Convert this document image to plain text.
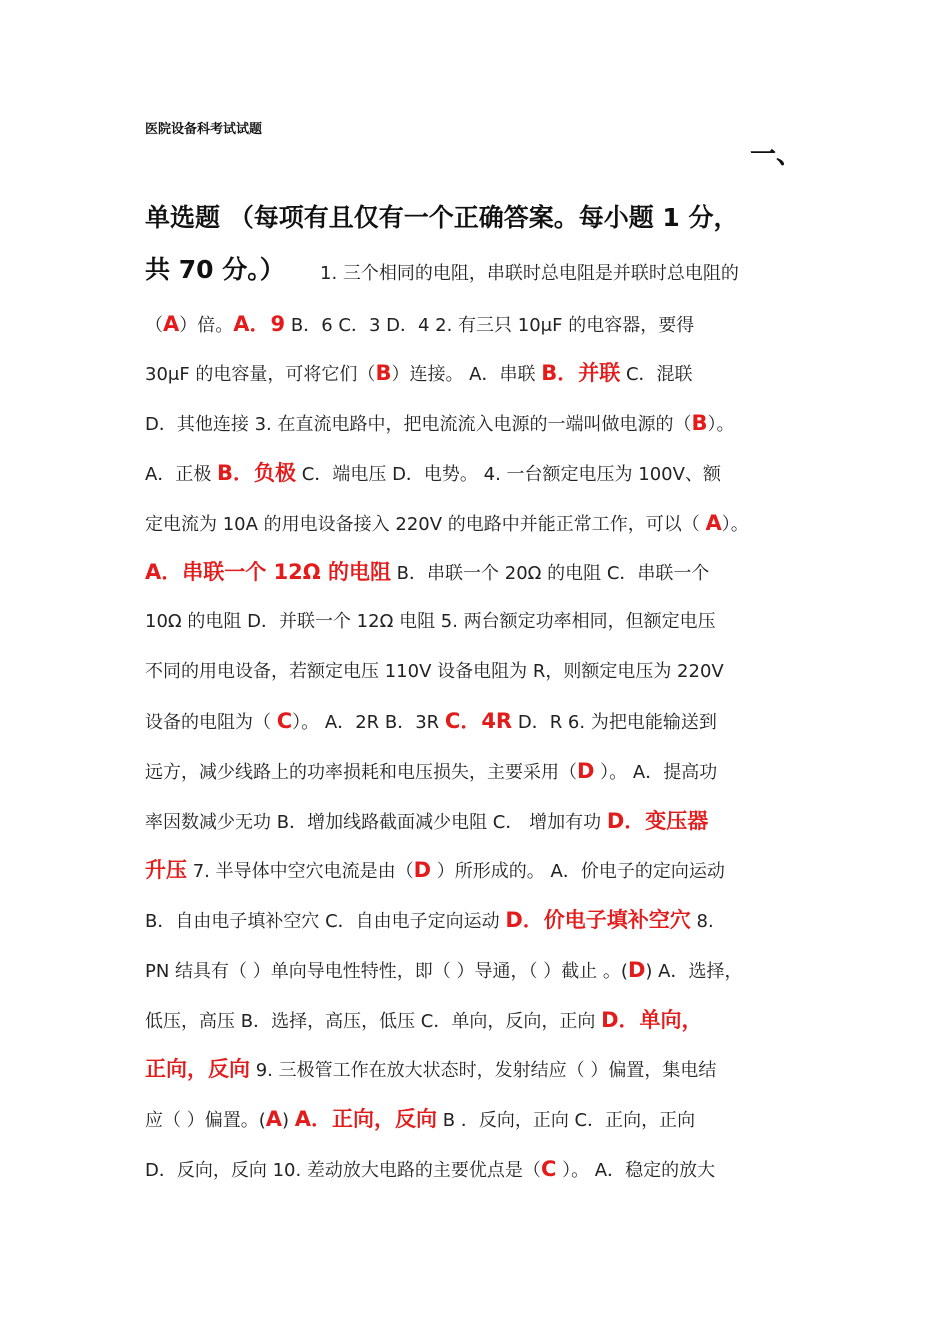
医院设备科考试试题
一、
单选题 （每项有且仅有一个正确答案。每小题 1 分，
共 70 分。）	1. 三个相同的电阻，串联时总电阻是并联时总电阻的
（A）倍。A．9 B．6 C．3 D．4 2. 有三只 10μF 的电容器，要得
30μF 的电容量，可将它们（B）连接。 A．串联 B．并联 C．混联
D．其他连接 3. 在直流电路中，把电流流入电源的一端叫做电源的（B）。
A．正极 B．负极 C．端电压 D．电势。 4. 一台额定电压为 100V、额
定电流为 10A 的用电设备接入 220V 的电路中并能正常工作，可以（ A）。
A．串联一个 12Ω 的电阻 B．串联一个 20Ω 的电阻 C．串联一个
10Ω 的电阻 D．并联一个 12Ω 电阻 5. 两台额定功率相同，但额定电压
不同的用电设备，若额定电压 110V 设备电阻为 R，则额定电压为 220V
设备的电阻为（ C）。 A．2R B．3R C．4R D．R 6. 为把电能输送到
远方，减少线路上的功率损耗和电压损失，主要采用（D ）。 A．提高功
率因数减少无功 B．增加线路截面减少电阻 C． 增加有功 D．变压器
升压 7. 半导体中空穴电流是由（D ）所形成的。 A．价电子的定向运动
B．自由电子填补空穴 C．自由电子定向运动 D．价电子填补空穴 8.
PN 结具有（ ）单向导电性特性，即（ ）导通，（ ）截止 。(D) A．选择，
低压，高压 B．选择，高压，低压 C．单向，反向，正向 D．单向，
正向，反向 9. 三极管工作在放大状态时，发射结应（ ）偏置，集电结
应（ ）偏置。(A) A．正向，反向 B ．反向，正向 C．正向，正向
D．反向，反向 10. 差动放大电路的主要优点是（C ）。 A．稳定的放大
